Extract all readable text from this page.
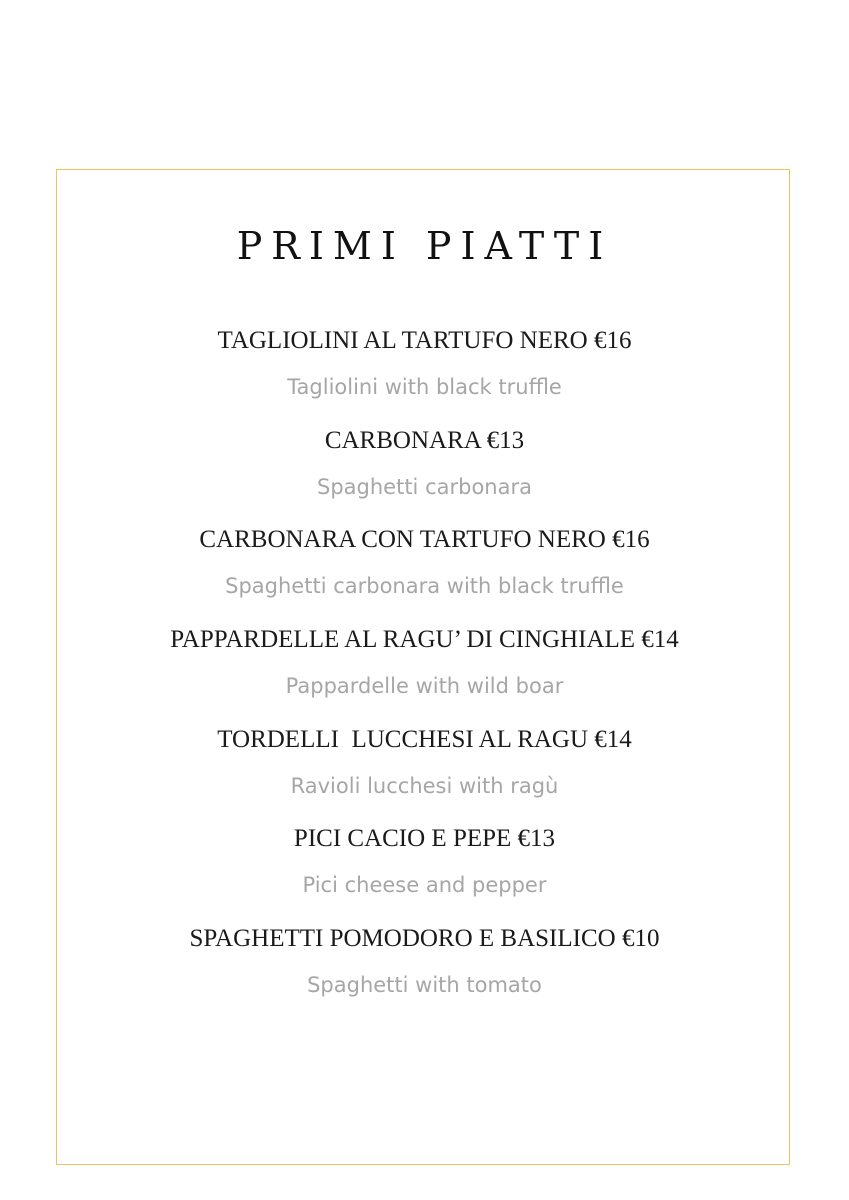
PRIMI PIATTI
TAGLIOLINI AL TARTUFO NERO €16
Tagliolini with black truffle
CARBONARA €13
Spaghetti carbonara
CARBONARA CON TARTUFO NERO €16
Spaghetti carbonara with black truffle
PAPPARDELLE AL RAGU’ DI CINGHIALE €14
Pappardelle with wild boar
TORDELLI  LUCCHESI AL RAGU €14
Ravioli lucchesi with ragù
PICI CACIO E PEPE €13
Pici cheese and pepper
SPAGHETTI POMODORO E BASILICO €10
Spaghetti with tomato
